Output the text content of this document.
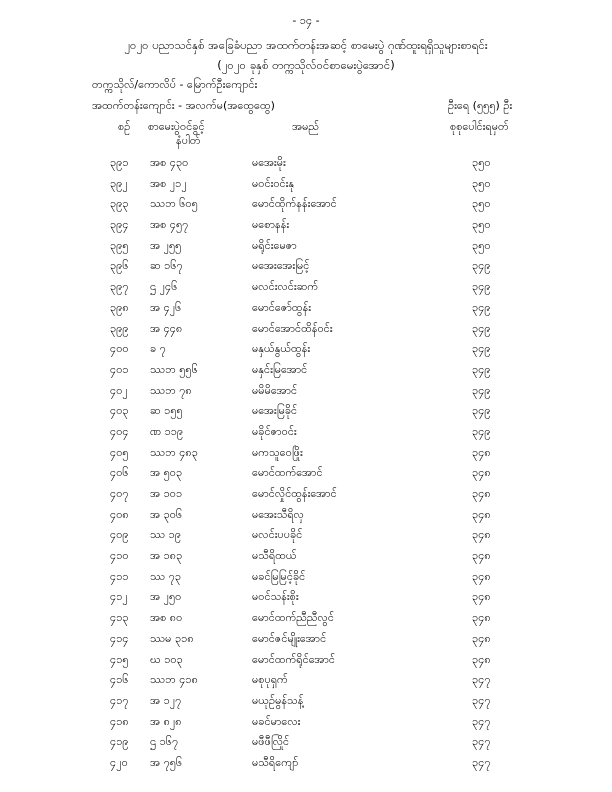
- ၁၄ -
၂၀၂၀ ပညာသင်နှစ် အခြေခံပညာ အထက်တန်းအဆင့် စာမေးပွဲ ဂုဏ်ထူးရရှိသူများစာရင်း
(၂၀၂၀ ခုနှစ် တက္ကသိုလ်ဝင်စာမေးပွဲအောင်)
တက္ကသိုလ်/ကောလိပ် - မြောက်ဦးကျောင်း
အထက်တန်းကျောင်း - အလက်မ(အထွေထွေ)	ဦးရေ (၅၅၅) ဦး
စဉ် စာမေးပွဲဝင်ခွင့်
နံပါတ်
အမည်	စုစုပေါင်းရမှတ်
၃၉၁ အစ ၄၃၀	မအေးမိုး	၃၅၀
၃၉၂ အစ ၂၁၂	မဝင်းဝင်းနု	၃၅၀
၃၉၃ ဿဘ ၆၀၅	မောင်ထိုက်နန်းအောင်	၃၅၀
၃၉၄ အစ ၄၅၇	မစောနန်း	၃၅၀
၃၉၅ အ ၂၅၅	မရိုင်းမေဇာ	၃၅၀
၃၉၆ ဆ ၁၆၇	မအေးအေးမြင့်	၃၄၉
၃၉၇ ဌ ၂၄၆	မလင်းလင်းဆက်	၃၄၉
၃၉၈ အ ၄၂၆	မောင်ဇော်ထွန်း	၃၄၉
၃၉၉ အ ၄၄၈	မောင်အောင်ထိန်ဝင်း	၃၄၉
၄၀၀ ခ ၇	မနှယ်နွယ်ထွန်း	၃၄၉
၄၀၁ ဿဘ ၅၅၆	မနှင်းမြအောင်	၃၄၉
၄၀၂ ဿဘ ၇၈	မမိမိအောင်	၃၄၉
၄၀၃ ဆ ၁၅၅	မအေးမြခိုင်	၃၄၉
၄၀၄ ဏ ၁၁၉	မခိုင်ဇာဝင်း	၃၄၉
၄၀၅ ဿဘ ၄၈၃	မကသူဝေဖြိုး	၃၄၈
၄၀၆ အ ၅၀၃	မောင်ထက်အောင်	၃၄၈
၄၀၇ အ ၁၀၁	မောင်လှိုင်ထွန်းအောင်	၃၄၈
၄၀၈ အ ၃၀၆	မအေးသီရိလှ	၃၄၈
၄၀၉ ဿ ၁၉	မလင်းပပခိုင်	၃၄၈
၄၁၀ အ ၁၈၃	မသီရိထယ်	၃၄၈
၄၁၁ ဿ ၇၃	မခင်မြမြင့်ခိုင်	၃၄၈
၄၁၂ အ ၂၅၀	မဝင်သန်းစိုး	၃၄၈
၄၁၃ အစ ၈၀	မောင်ထက်ညီညီလွင်	၃၄၈
၄၁၄ ဿမ ၃၁၈	မောင်ဇင်မျိုးအောင်	၃၄၈
၄၁၅ ဃ ၁၀၃	မောင်ထက်ရိုင်အောင်	၃၄၈
၄၁၆ ဿဘ ၄၁၈	မစုပုရှက်	၃၄၇
၄၁၇ အ ၁၂၇	မယုဉ်မွန်သန့်	၃၄၇
၄၁၈ အ ၈၂၈	မခင်မာလေး	၃၄၇
၄၁၉ ဌ ၁၆၇	မဖီဖီလြိုင်	၃၄၇
၄၂၀ အ ၇၅၆	မသီရိကျော်	၃၄၇
